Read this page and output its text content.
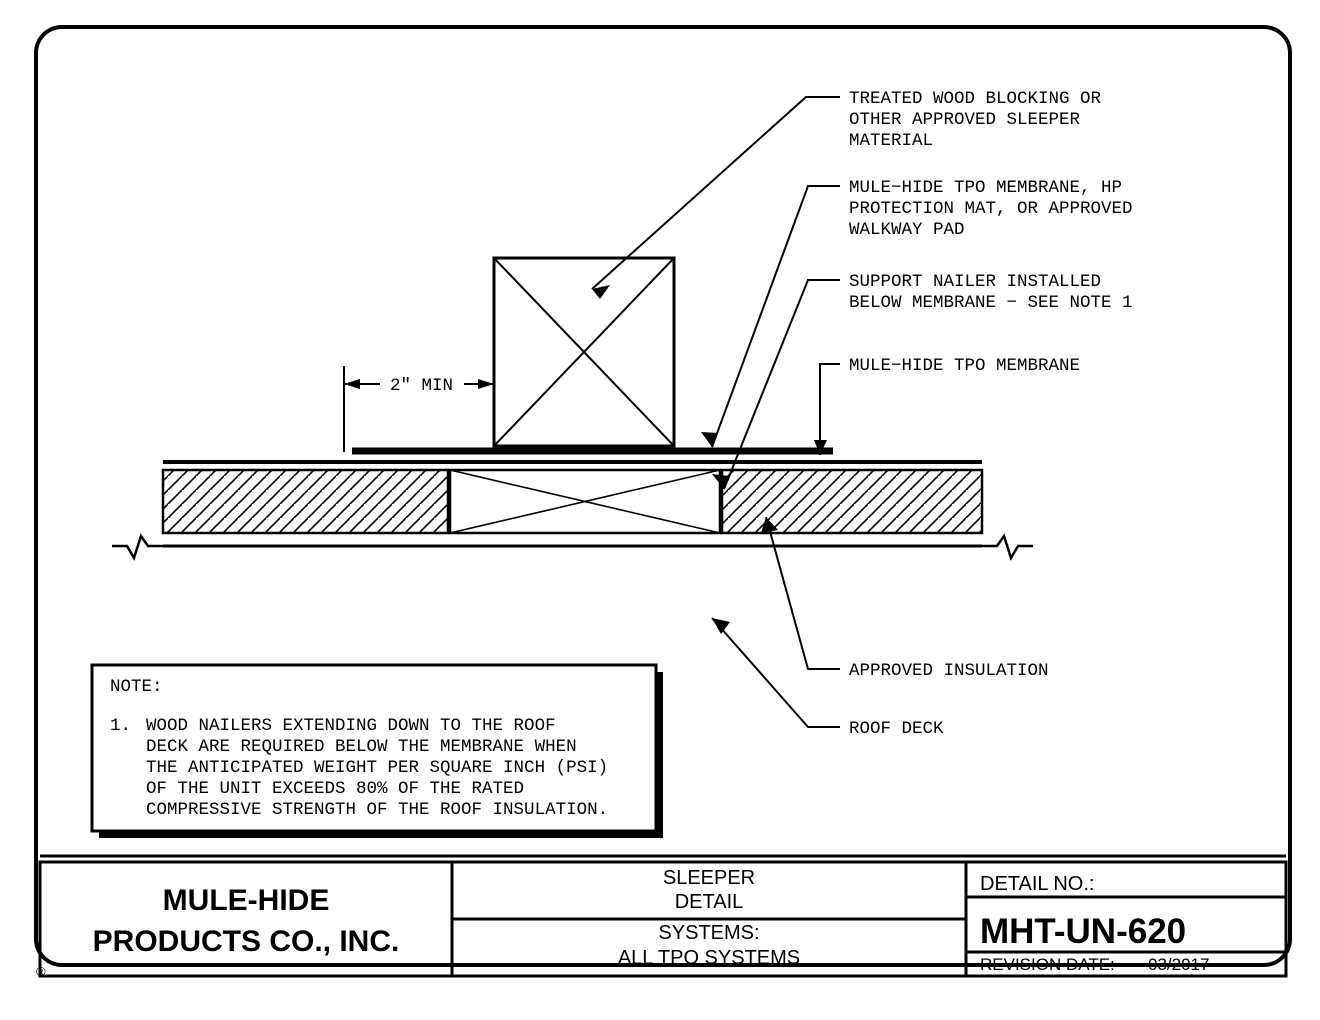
TREATED WOOD BLOCKING OR
OTHER APPROVED SLEEPER
MATERIAL
MULE−HIDE TPO MEMBRANE, HP
PROTECTION MAT, OR APPROVED
WALKWAY PAD
SUPPORT NAILER INSTALLED
BELOW MEMBRANE − SEE NOTE 1
MULE−HIDE TPO MEMBRANE
APPROVED INSULATION
ROOF DECK
2" MIN
NOTE:
1. WOOD NAILERS EXTENDING DOWN TO THE ROOF
DECK ARE REQUIRED BELOW THE MEMBRANE WHEN
THE ANTICIPATED WEIGHT PER SQUARE INCH (PSI)
OF THE UNIT EXCEEDS 80% OF THE RATED
COMPRESSIVE STRENGTH OF THE ROOF INSULATION.
MULE-HIDE
PRODUCTS CO., INC.
®
SLEEPER
DETAIL
SYSTEMS:
ALL TPO SYSTEMS
DETAIL NO.:
MHT-UN-620
REVISION DATE: 03/2017
